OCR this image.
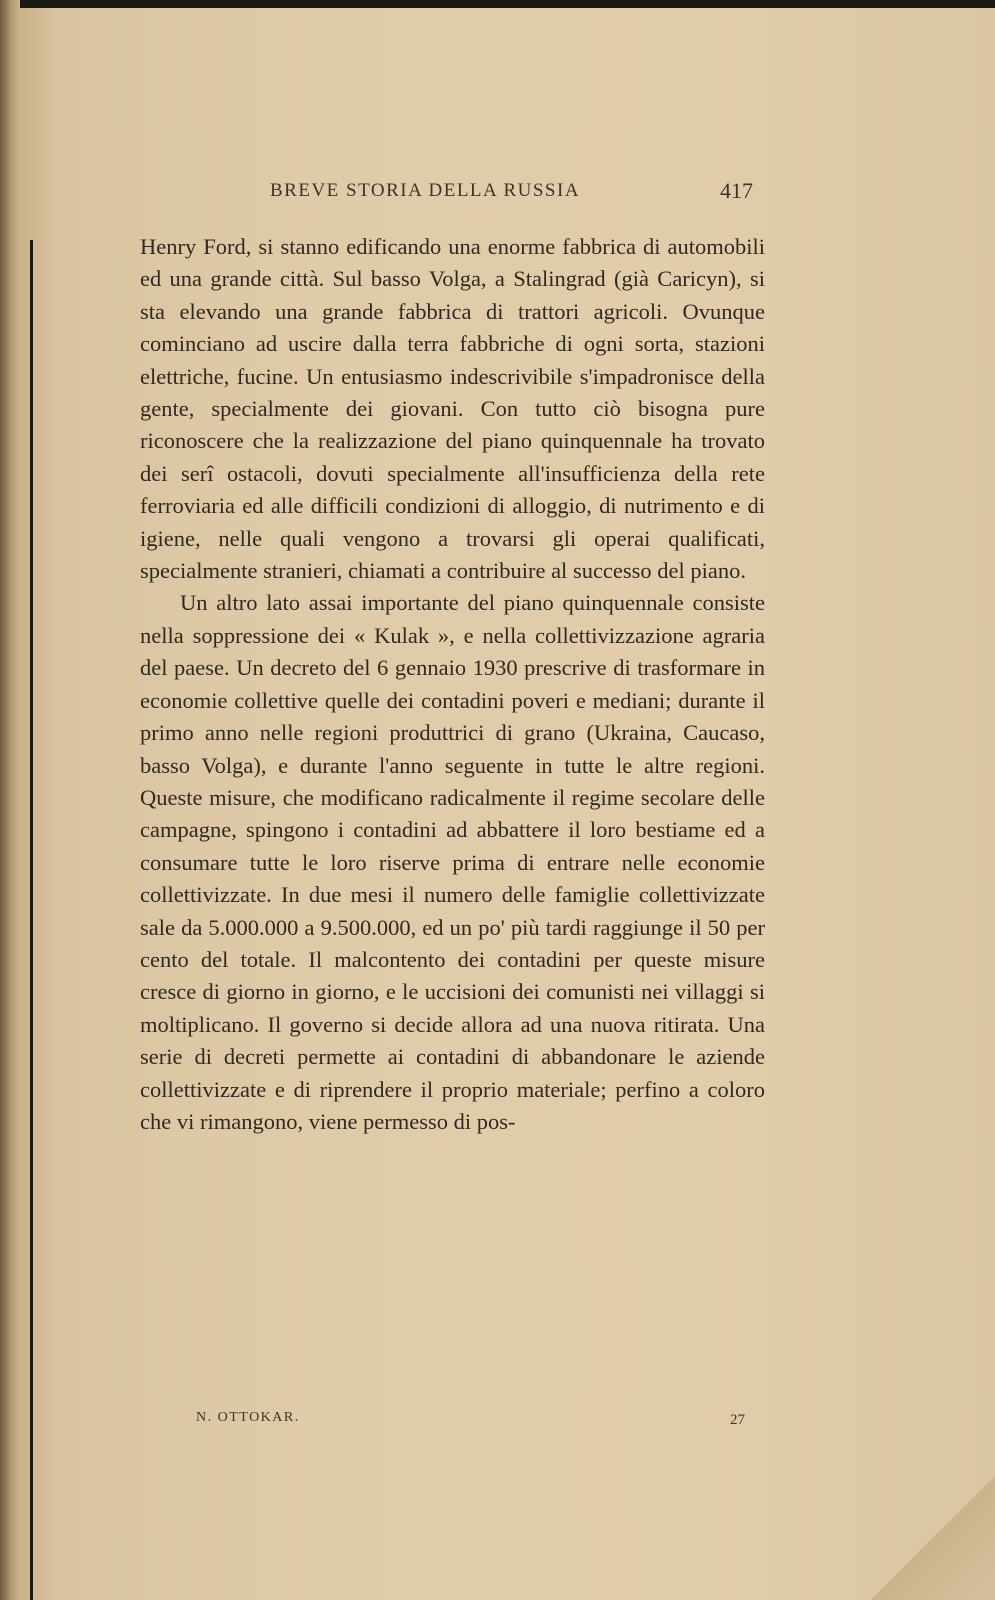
BREVE STORIA DELLA RUSSIA	417

Henry Ford, si stanno edificando una enorme fabbrica di automobili ed una grande città. Sul basso Volga, a Stalingrad (già Caricyn), si sta elevando una grande fabbrica di trattori agricoli. Ovunque cominciano ad uscire dalla terra fabbriche di ogni sorta, stazioni elettriche, fucine. Un entusiasmo indescrivibile s'impadronisce della gente, specialmente dei giovani. Con tutto ciò bisogna pure riconoscere che la realizzazione del piano quinquennale ha trovato dei serî ostacoli, dovuti specialmente all'insufficienza della rete ferroviaria ed alle difficili condizioni di alloggio, di nutrimento e di igiene, nelle quali vengono a trovarsi gli operai qualificati, specialmente stranieri, chiamati a contribuire al successo del piano.

Un altro lato assai importante del piano quinquennale consiste nella soppressione dei « Kulak », e nella collettivizzazione agraria del paese. Un decreto del 6 gennaio 1930 prescrive di trasformare in economie collettive quelle dei contadini poveri e mediani; durante il primo anno nelle regioni produttrici di grano (Ukraina, Caucaso, basso Volga), e durante l'anno seguente in tutte le altre regioni. Queste misure, che modificano radicalmente il regime secolare delle campagne, spingono i contadini ad abbattere il loro bestiame ed a consumare tutte le loro riserve prima di entrare nelle economie collettivizzate. In due mesi il numero delle famiglie collettivizzate sale da 5.000.000 a 9.500.000, ed un po' più tardi raggiunge il 50 per cento del totale. Il malcontento dei contadini per queste misure cresce di giorno in giorno, e le uccisioni dei comunisti nei villaggi si moltiplicano. Il governo si decide allora ad una nuova ritirata. Una serie di decreti permette ai contadini di abbandonare le aziende collettivizzate e di riprendere il proprio materiale; perfino a coloro che vi rimangono, viene permesso di pos-

N. OTTOKAR.	27
